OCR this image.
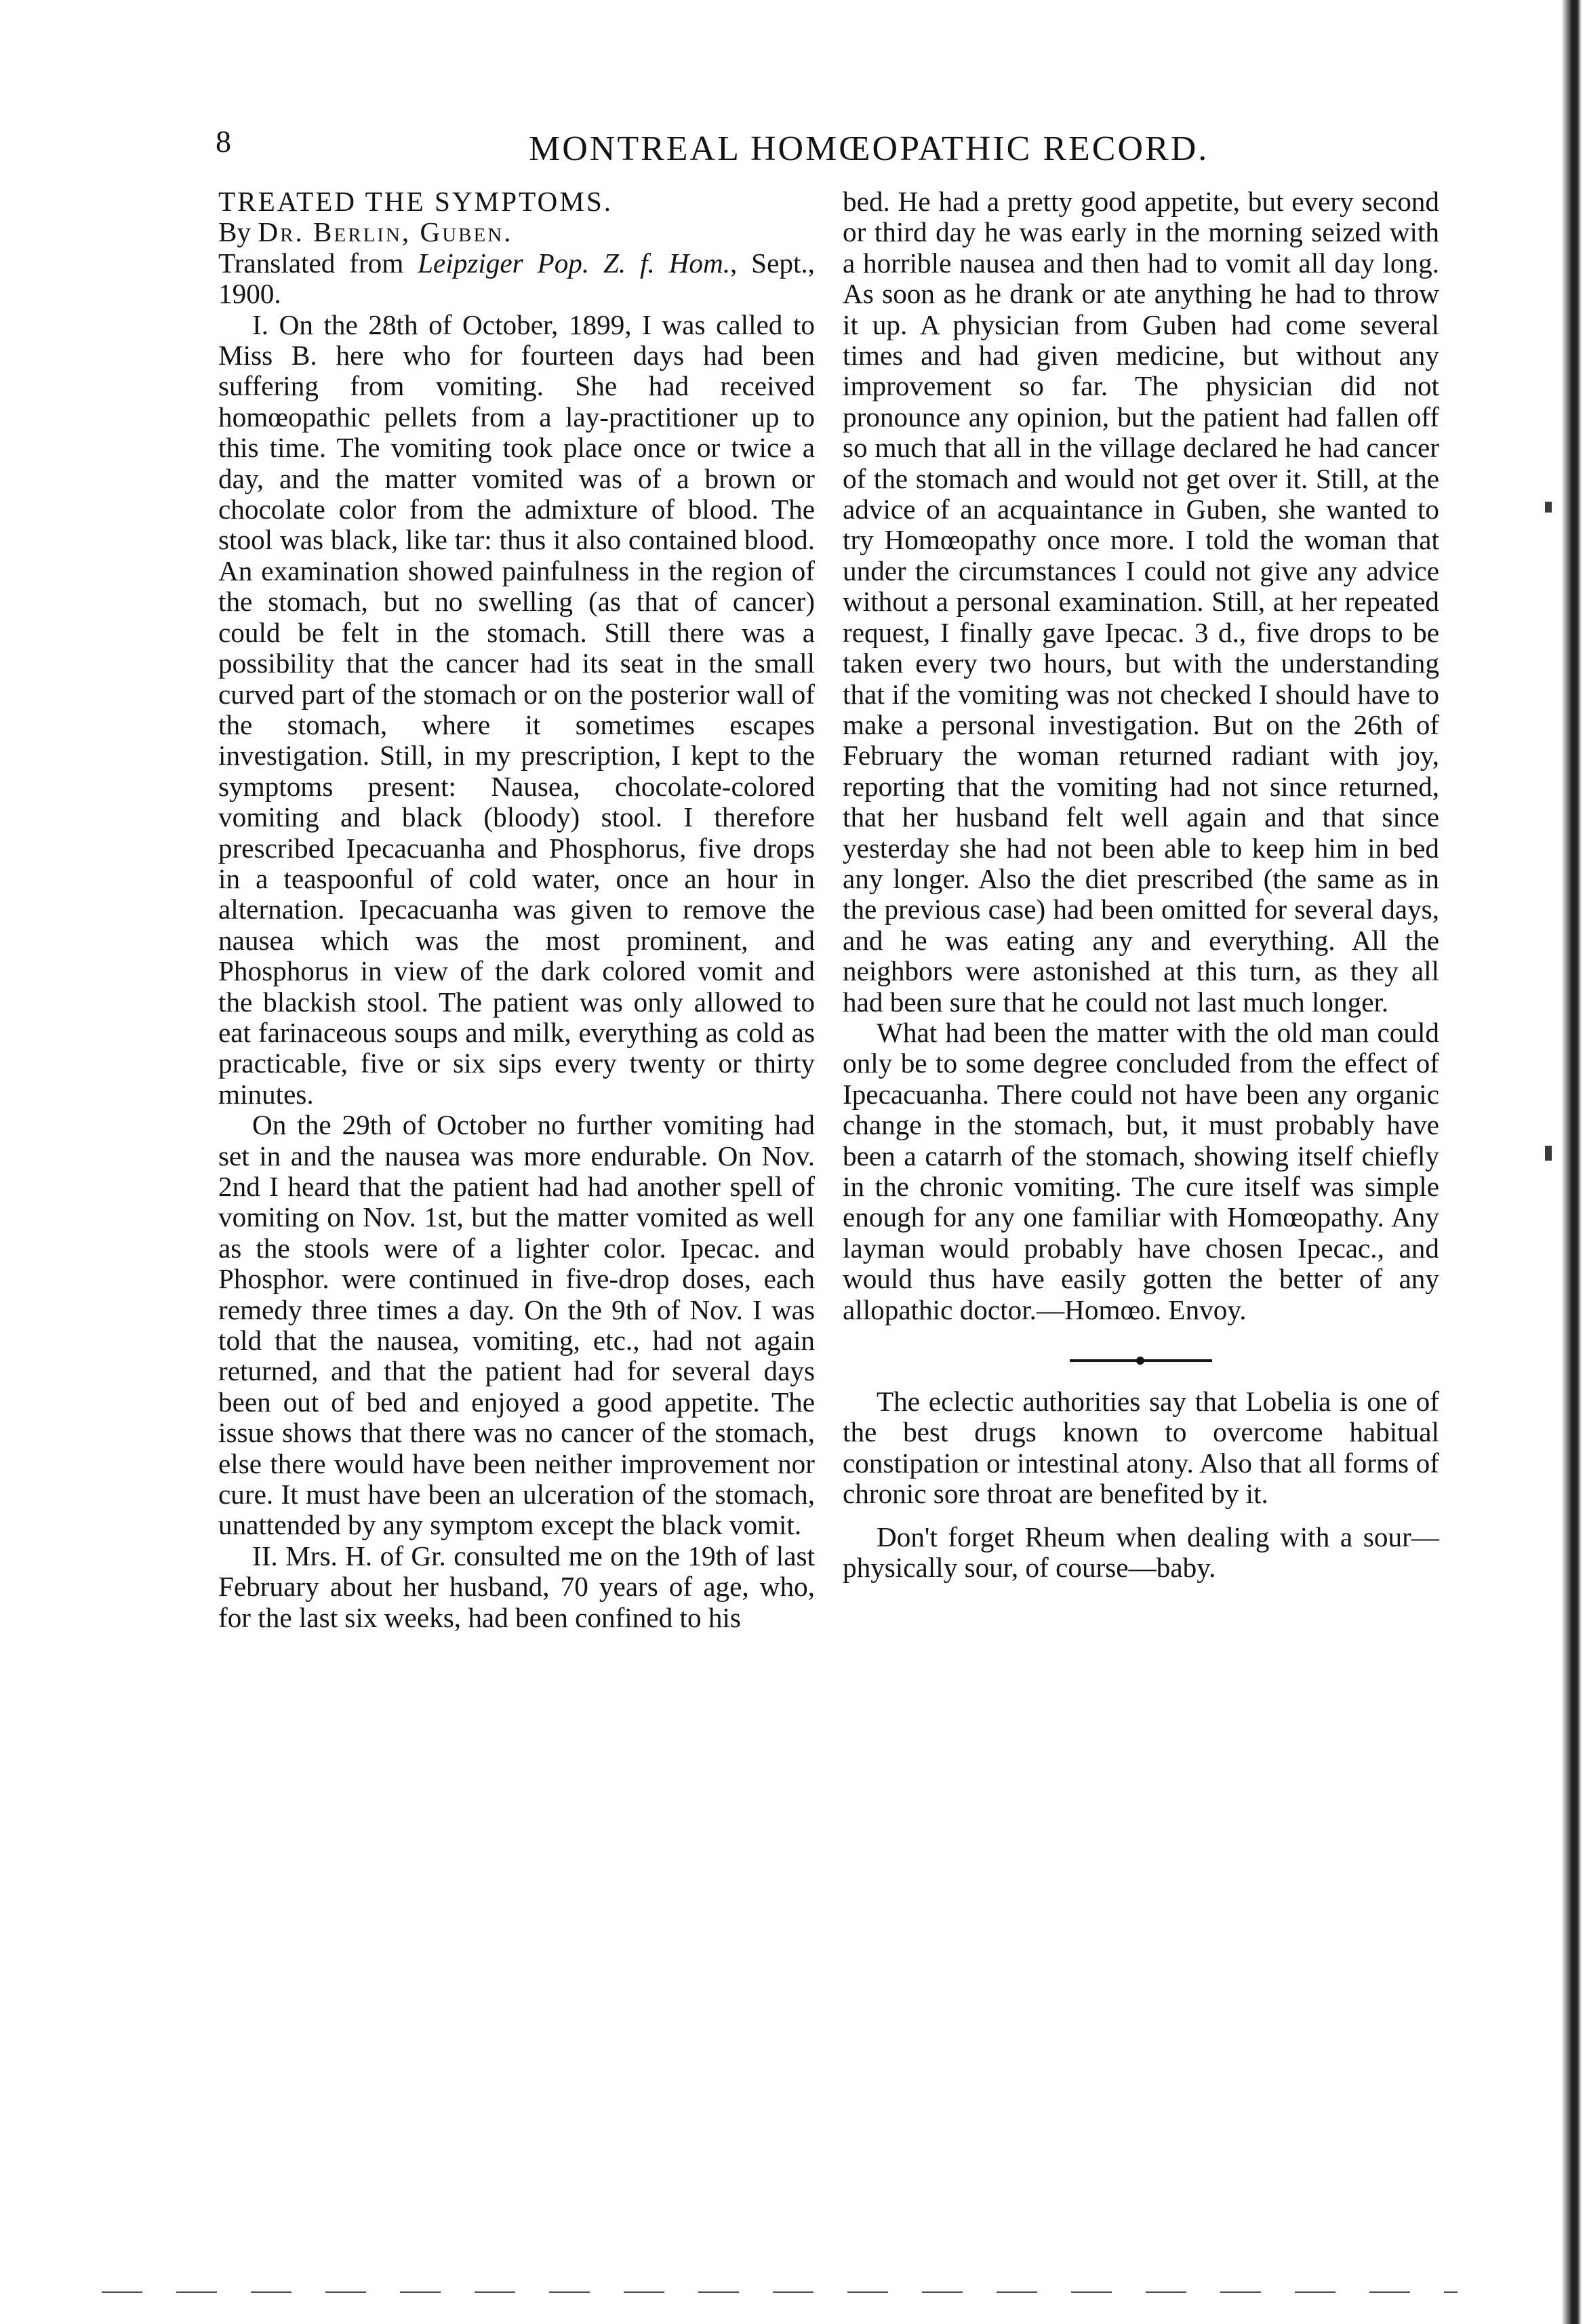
8	MONTREAL HOMŒOPATHIC RECORD.

TREATED THE SYMPTOMS.

By Dr. Berlin, Guben.

Translated from Leipziger Pop. Z. f. Hom., Sept., 1900.

I. On the 28th of October, 1899, I was called to Miss B. here who for fourteen days had been suffering from vomiting. She had received homœopathic pellets from a lay-practitioner up to this time. The vomiting took place once or twice a day, and the matter vomited was of a brown or chocolate color from the admixture of blood. The stool was black, like tar: thus it also contained blood. An examination showed painfulness in the region of the stomach, but no swelling (as that of cancer) could be felt in the stomach. Still there was a possibility that the cancer had its seat in the small curved part of the stomach or on the posterior wall of the stomach, where it sometimes escapes investigation. Still, in my prescription, I kept to the symptoms present: Nausea, chocolate-colored vomiting and black (bloody) stool. I therefore prescribed Ipecacuanha and Phosphorus, five drops in a teaspoonful of cold water, once an hour in alternation. Ipecacuanha was given to remove the nausea which was the most prominent, and Phosphorus in view of the dark colored vomit and the blackish stool. The patient was only allowed to eat farinaceous soups and milk, everything as cold as practicable, five or six sips every twenty or thirty minutes.

On the 29th of October no further vomiting had set in and the nausea was more endurable. On Nov. 2nd I heard that the patient had had another spell of vomiting on Nov. 1st, but the matter vomited as well as the stools were of a lighter color. Ipecac. and Phosphor. were continued in five-drop doses, each remedy three times a day. On the 9th of Nov. I was told that the nausea, vomiting, etc., had not again returned, and that the patient had for several days been out of bed and enjoyed a good appetite. The issue shows that there was no cancer of the stomach, else there would have been neither improvement nor cure. It must have been an ulceration of the stomach, unattended by any symptom except the black vomit.

II. Mrs. H. of Gr. consulted me on the 19th of last February about her husband, 70 years of age, who, for the last six weeks, had been confined to his

bed. He had a pretty good appetite, but every second or third day he was early in the morning seized with a horrible nausea and then had to vomit all day long. As soon as he drank or ate anything he had to throw it up. A physician from Guben had come several times and had given medicine, but without any improvement so far. The physician did not pronounce any opinion, but the patient had fallen off so much that all in the village declared he had cancer of the stomach and would not get over it. Still, at the advice of an acquaintance in Guben, she wanted to try Homœopathy once more. I told the woman that under the circumstances I could not give any advice without a personal examination. Still, at her repeated request, I finally gave Ipecac. 3 d., five drops to be taken every two hours, but with the understanding that if the vomiting was not checked I should have to make a personal investigation. But on the 26th of February the woman returned radiant with joy, reporting that the vomiting had not since returned, that her husband felt well again and that since yesterday she had not been able to keep him in bed any longer. Also the diet prescribed (the same as in the previous case) had been omitted for several days, and he was eating any and everything. All the neighbors were astonished at this turn, as they all had been sure that he could not last much longer.

What had been the matter with the old man could only be to some degree concluded from the effect of Ipecacuanha. There could not have been any organic change in the stomach, but, it must probably have been a catarrh of the stomach, showing itself chiefly in the chronic vomiting. The cure itself was simple enough for any one familiar with Homœopathy. Any layman would probably have chosen Ipecac., and would thus have easily gotten the better of any allopathic doctor.—Homœo. Envoy.

The eclectic authorities say that Lobelia is one of the best drugs known to overcome habitual constipation or intestinal atony. Also that all forms of chronic sore throat are benefited by it.

Don't forget Rheum when dealing with a sour—physically sour, of course—baby.
